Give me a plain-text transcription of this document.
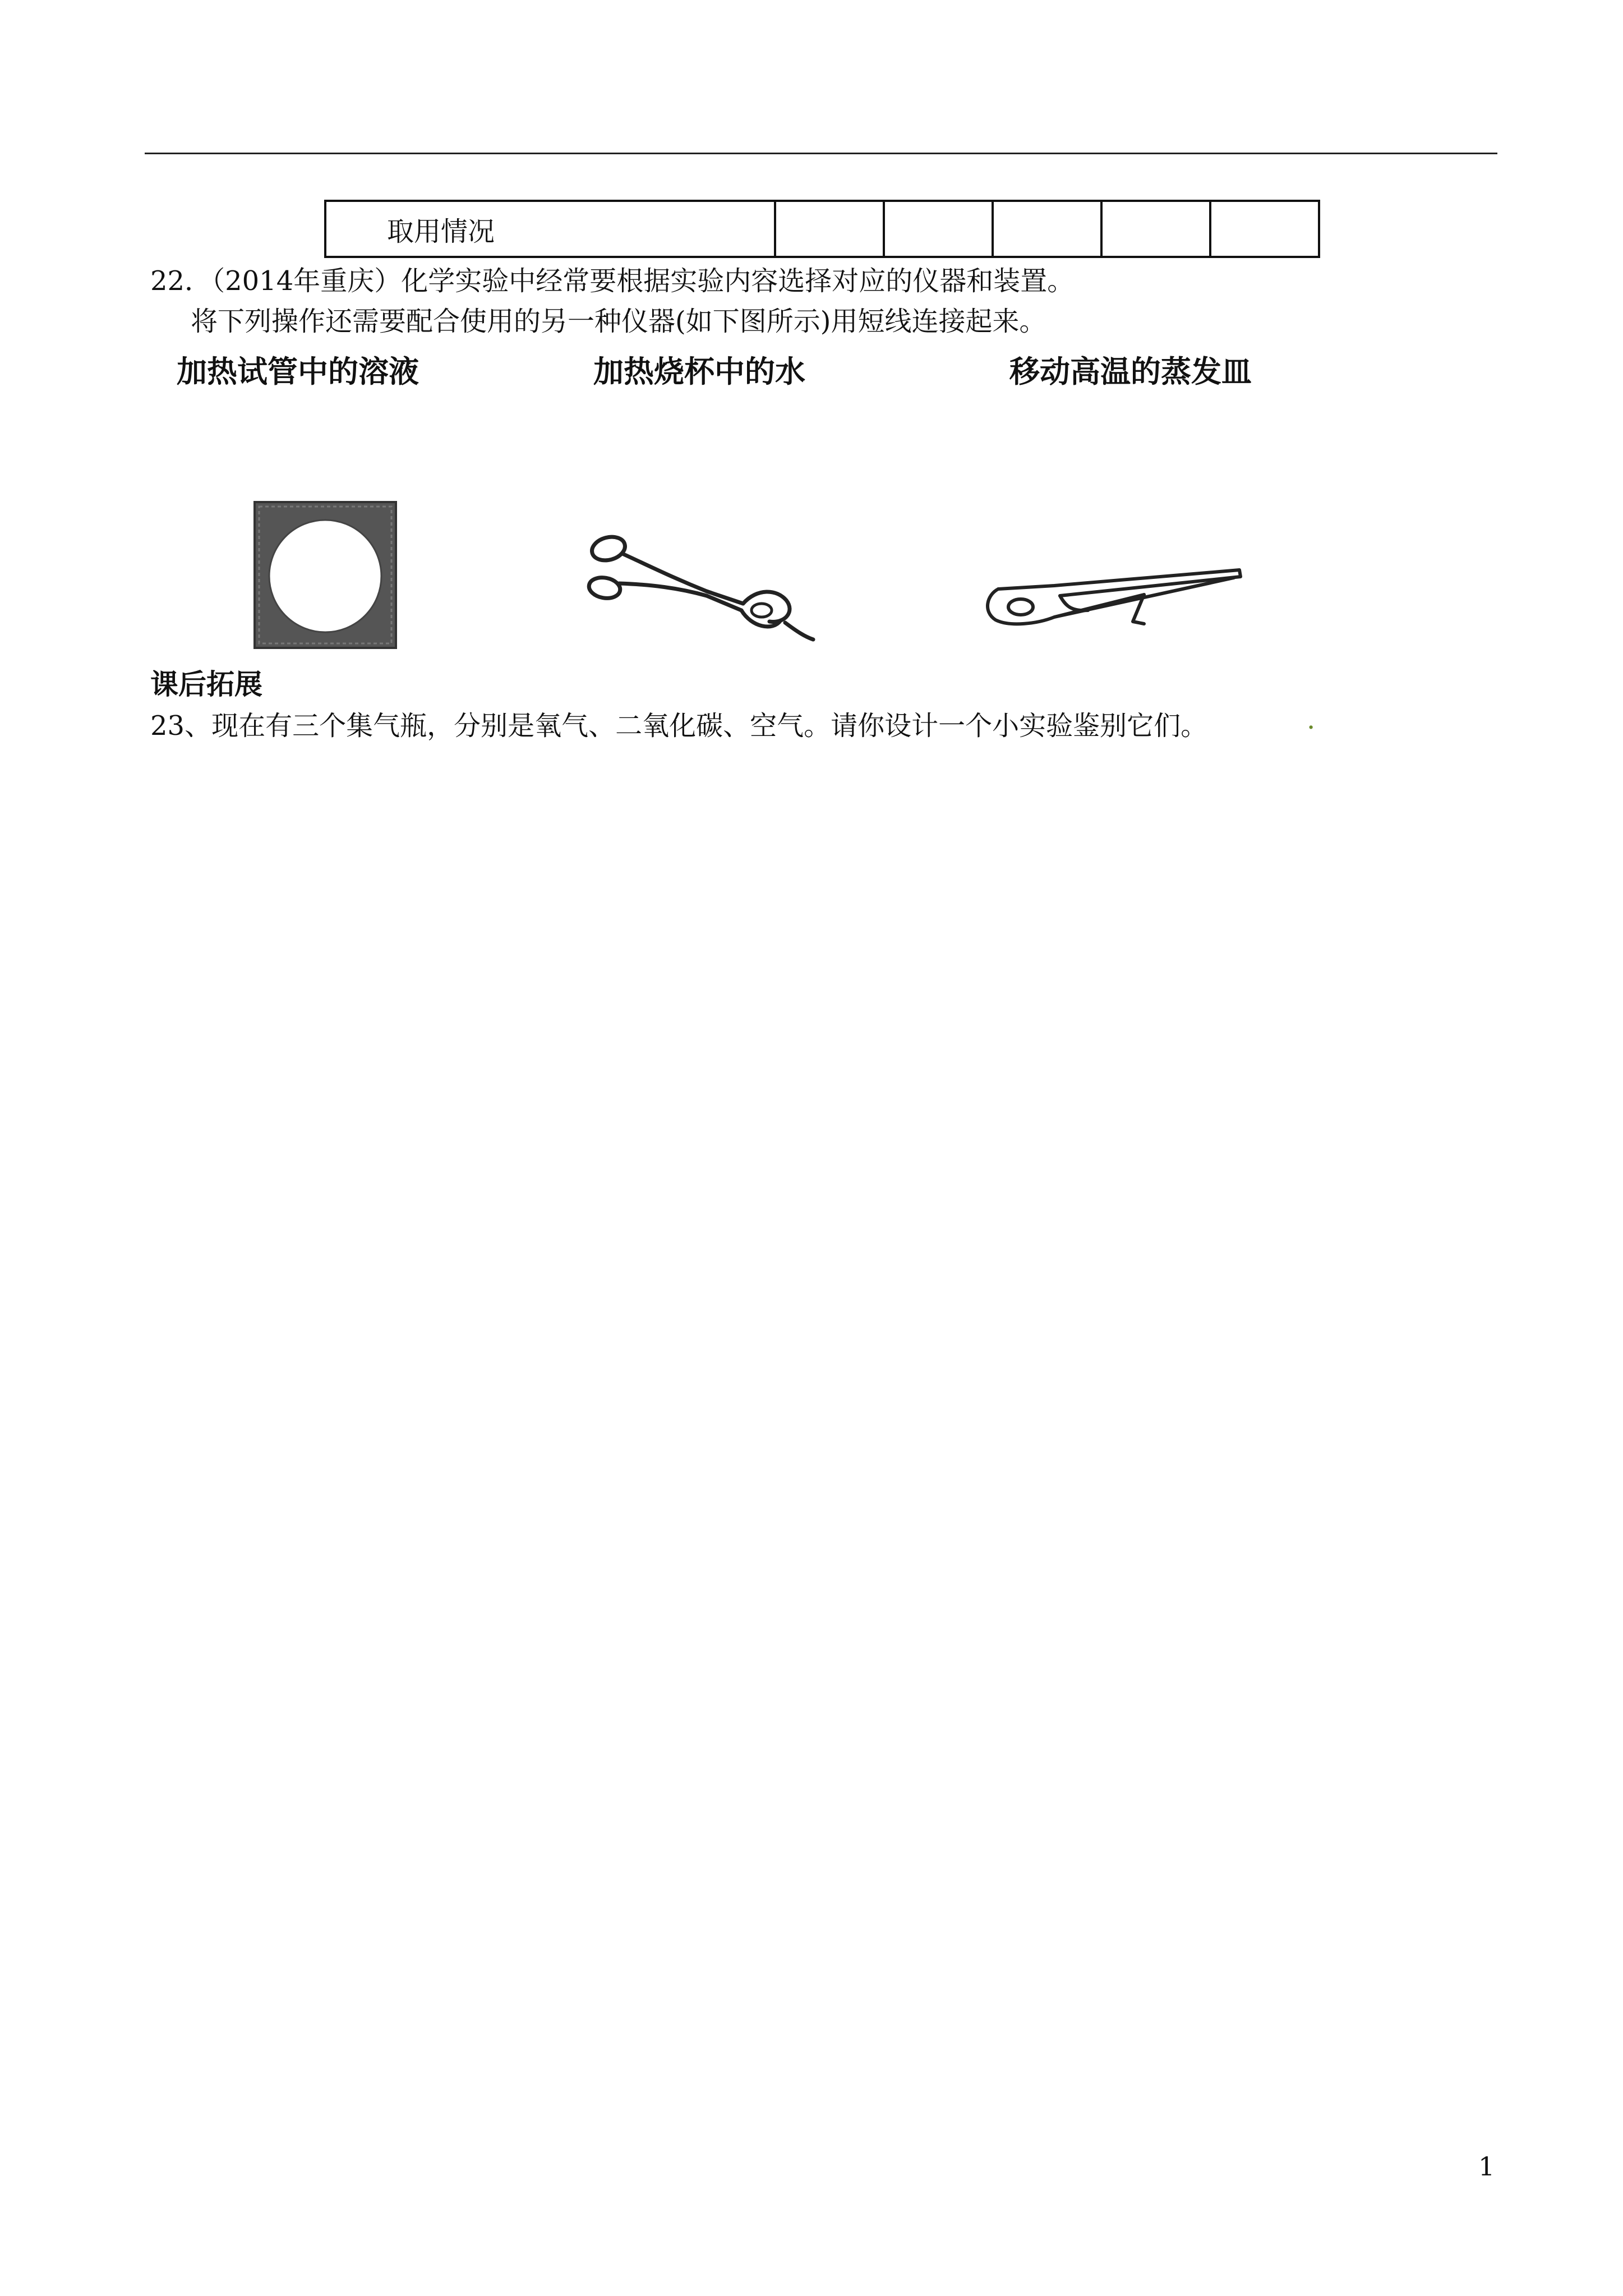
取用情况					
22．（2014年重庆）化学实验中经常要根据实验内容选择对应的仪器和装置。
将下列操作还需要配合使用的另一种仪器(如下图所示)用短线连接起来。
加热试管中的溶液	加热烧杯中的水	移动高温的蒸发皿
课后拓展
23、现在有三个集气瓶，分别是氧气、二氧化碳、空气。请你设计一个小实验鉴别它们。	.
1
